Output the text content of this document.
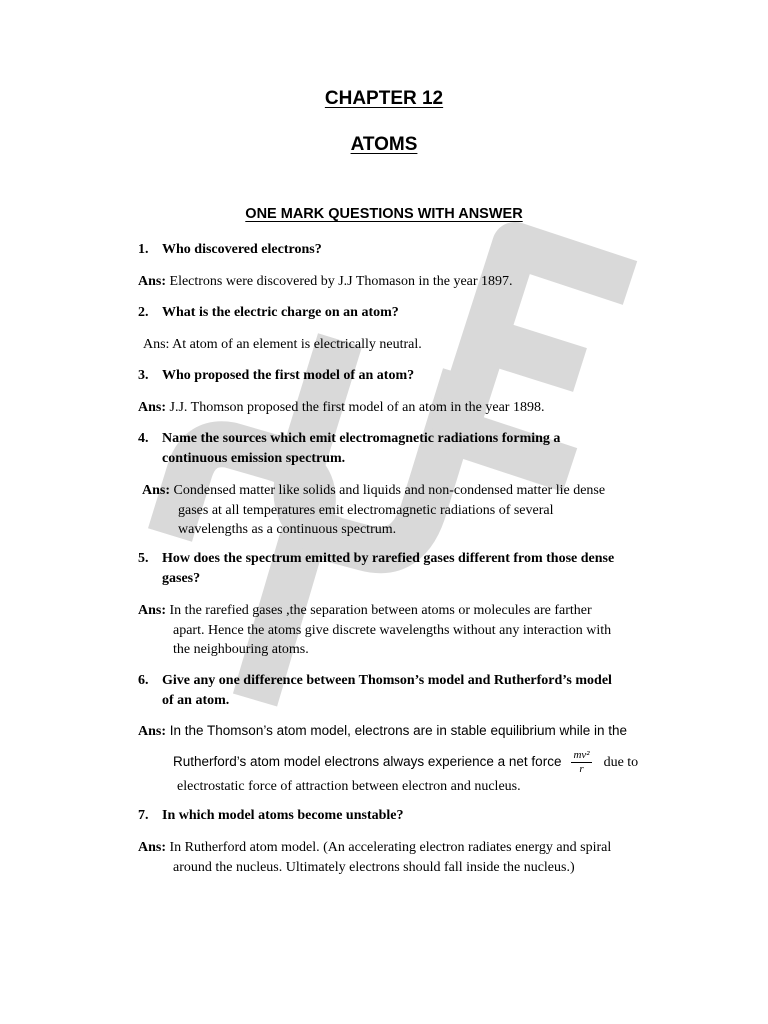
CHAPTER 12
ATOMS
ONE MARK QUESTIONS WITH ANSWER
1. Who discovered electrons?
Ans: Electrons were discovered by J.J Thomason in the year 1897.
2. What is the electric charge on an atom?
Ans: At atom of an element is electrically neutral.
3. Who proposed the first model of an atom?
Ans: J.J. Thomson proposed the first model of an atom in the year 1898.
4. Name the sources which emit electromagnetic radiations forming a
continuous emission spectrum.
Ans: Condensed matter like solids and liquids and non-condensed matter lie dense
gases at all temperatures emit electromagnetic radiations of several
wavelengths as a continuous spectrum.
5. How does the spectrum emitted by rarefied gases different from those dense
gases?
Ans: In the rarefied gases ,the separation between atoms or molecules are farther
apart. Hence the atoms give discrete wavelengths without any interaction with
the neighbouring atoms.
6. Give any one difference between Thomson’s model and Rutherford’s model
of an atom.
Ans: In the Thomson’s atom model, electrons are in stable equilibrium while in the
Rutherford’s atom model electrons always experience a net force $\frac{\text{mv²}}{r}$ due to
electrostatic force of attraction between electron and nucleus.
7. In which model atoms become unstable?
Ans: In Rutherford atom model. (An accelerating electron radiates energy and spiral
around the nucleus. Ultimately electrons should fall inside the nucleus.)
